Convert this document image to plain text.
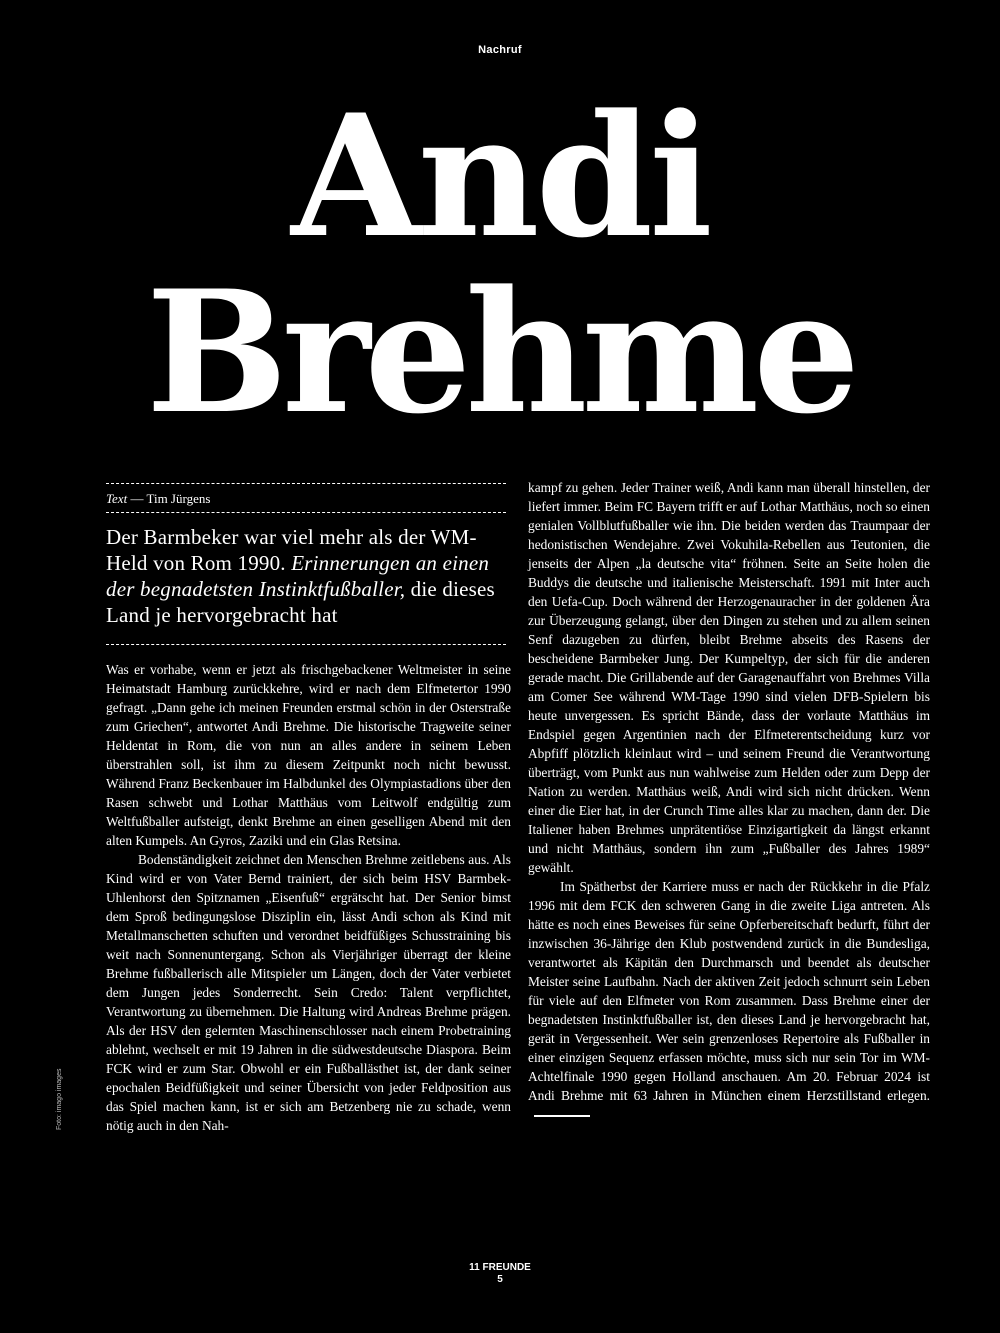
Nachruf
Andi
Brehme
Text — Tim Jürgens
Der Barmbeker war viel mehr als der WM-Held von Rom 1990. Erinnerungen an einen der begnadetsten Instinktfußballer, die dieses Land je hervorgebracht hat

Was er vorhabe, wenn er jetzt als frischgebackener Weltmeister in seine Heimatstadt Hamburg zurückkehre, wird er nach dem Elfmetertor 1990 gefragt. „Dann gehe ich meinen Freunden erstmal schön in der Osterstraße zum Griechen“, antwortet Andi Brehme. Die historische Tragweite seiner Heldentat in Rom, die von nun an alles andere in seinem Leben überstrahlen soll, ist ihm zu diesem Zeitpunkt noch nicht bewusst. Während Franz Beckenbauer im Halbdunkel des Olympiastadions über den Rasen schwebt und Lothar Matthäus vom Leitwolf endgültig zum Weltfußballer aufsteigt, denkt Brehme an einen geselligen Abend mit den alten Kumpels. An Gyros, Zaziki und ein Glas Retsina.

Bodenständigkeit zeichnet den Menschen Brehme zeitlebens aus. Als Kind wird er von Vater Bernd trainiert, der sich beim HSV Barmbek-Uhlenhorst den Spitznamen „Eisenfuß“ ergrätscht hat. Der Senior bimst dem Sproß bedingungslose Disziplin ein, lässt Andi schon als Kind mit Metallmanschetten schuften und verordnet beidfüßiges Schusstraining bis weit nach Sonnenuntergang. Schon als Vierjähriger überragt der kleine Brehme fußballerisch alle Mitspieler um Längen, doch der Vater verbietet dem Jungen jedes Sonderrecht. Sein Credo: Talent verpflichtet, Verantwortung zu übernehmen. Die Haltung wird Andreas Brehme prägen. Als der HSV den gelernten Maschinenschlosser nach einem Probetraining ablehnt, wechselt er mit 19 Jahren in die südwestdeutsche Diaspora. Beim FCK wird er zum Star. Obwohl er ein Fußballästhet ist, der dank seiner epochalen Beidfüßigkeit und seiner Übersicht von jeder Feldposition aus das Spiel machen kann, ist er sich am Betzenberg nie zu schade, wenn nötig auch in den Nah-

kampf zu gehen. Jeder Trainer weiß, Andi kann man überall hinstellen, der liefert immer. Beim FC Bayern trifft er auf Lothar Matthäus, noch so einen genialen Vollblutfußballer wie ihn. Die beiden werden das Traumpaar der hedonistischen Wendejahre. Zwei Vokuhila-Rebellen aus Teutonien, die jenseits der Alpen „la deutsche vita“ fröhnen. Seite an Seite holen die Buddys die deutsche und italienische Meisterschaft. 1991 mit Inter auch den Uefa-Cup. Doch während der Herzogenauracher in der goldenen Ära zur Überzeugung gelangt, über den Dingen zu stehen und zu allem seinen Senf dazugeben zu dürfen, bleibt Brehme abseits des Rasens der bescheidene Barmbeker Jung. Der Kumpeltyp, der sich für die anderen gerade macht. Die Grillabende auf der Garagenauffahrt von Brehmes Villa am Comer See während WM-Tage 1990 sind vielen DFB-Spielern bis heute unvergessen. Es spricht Bände, dass der vorlaute Matthäus im Endspiel gegen Argentinien nach der Elfmeterentscheidung kurz vor Abpfiff plötzlich kleinlaut wird – und seinem Freund die Verantwortung überträgt, vom Punkt aus nun wahlweise zum Helden oder zum Depp der Nation zu werden. Matthäus weiß, Andi wird sich nicht drücken. Wenn einer die Eier hat, in der Crunch Time alles klar zu machen, dann der. Die Italiener haben Brehmes unprätentiöse Einzigartigkeit da längst erkannt und nicht Matthäus, sondern ihn zum „Fußballer des Jahres 1989“ gewählt.

Im Spätherbst der Karriere muss er nach der Rückkehr in die Pfalz 1996 mit dem FCK den schweren Gang in die zweite Liga antreten. Als hätte es noch eines Beweises für seine Opferbereitschaft bedurft, führt der inzwischen 36-Jährige den Klub postwendend zurück in die Bundesliga, verantwortet als Käpitän den Durchmarsch und beendet als deutscher Meister seine Laufbahn. Nach der aktiven Zeit jedoch schnurrt sein Leben für viele auf den Elfmeter von Rom zusammen. Dass Brehme einer der begnadetsten Instinktfußballer ist, den dieses Land je hervorgebracht hat, gerät in Vergessenheit. Wer sein grenzenloses Repertoire als Fußballer in einer einzigen Sequenz erfassen möchte, muss sich nur sein Tor im WM-Achtelfinale 1990 gegen Holland anschauen. Am 20. Februar 2024 ist Andi Brehme mit 63 Jahren in München einem Herzstillstand erlegen.

Foto: imago images
11 FREUNDE
5
